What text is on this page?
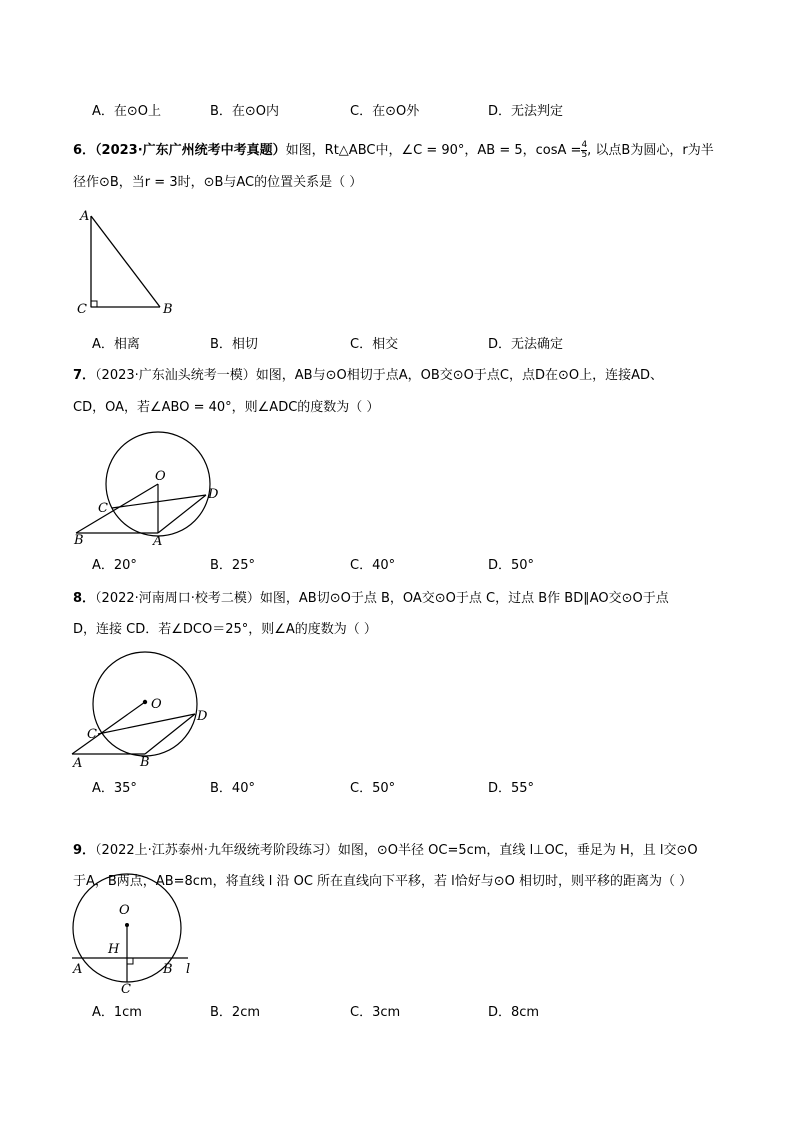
A．在⊙O上	B．在⊙O内	C．在⊙O外	D．无法判定
6．（2023·广东广州统考中考真题）如图，Rt△ABC中，∠C = 90°，AB = 5，$\cos A = \frac{4}{5}$ , 以点B为圆心，r为半
径作⊙B，当r = 3时，⊙B与AC的位置关系是（ ）
A
C	B
O
C
D
B	A
O
D
C
A	B
O
H
A	B l
C
A．相离	B．相切	C．相交	D．无法确定
7．（2023·广东汕头统考一模）如图，AB与⊙O相切于点A，OB交⊙O于点C，点D在⊙O上，连接AD、
CD，OA，若∠ABO = 40°，则∠ADC的度数为（ ）
A．20°	B．25°	C．40°	D．50°
8．（2022·河南周口·校考二模）如图，AB切⊙O于点 B，OA交⊙O于点 C，过点 B作 BD∥AO交⊙O于点
D，连接 CD．若∠DCO＝25°，则∠A的度数为（ ）
A．35°	B．40°	C．50°	D．55°
9．（2022上·江苏泰州·九年级统考阶段练习）如图，⊙O半径 OC=5cm，直线 l⊥OC，垂足为 H，且 l交⊙O
于A，B两点，AB=8cm，将直线 l 沿 OC 所在直线向下平移，若 l恰好与⊙O 相切时，则平移的距离为（ ）
A．1cm	B．2cm	C．3cm	D．8cm
